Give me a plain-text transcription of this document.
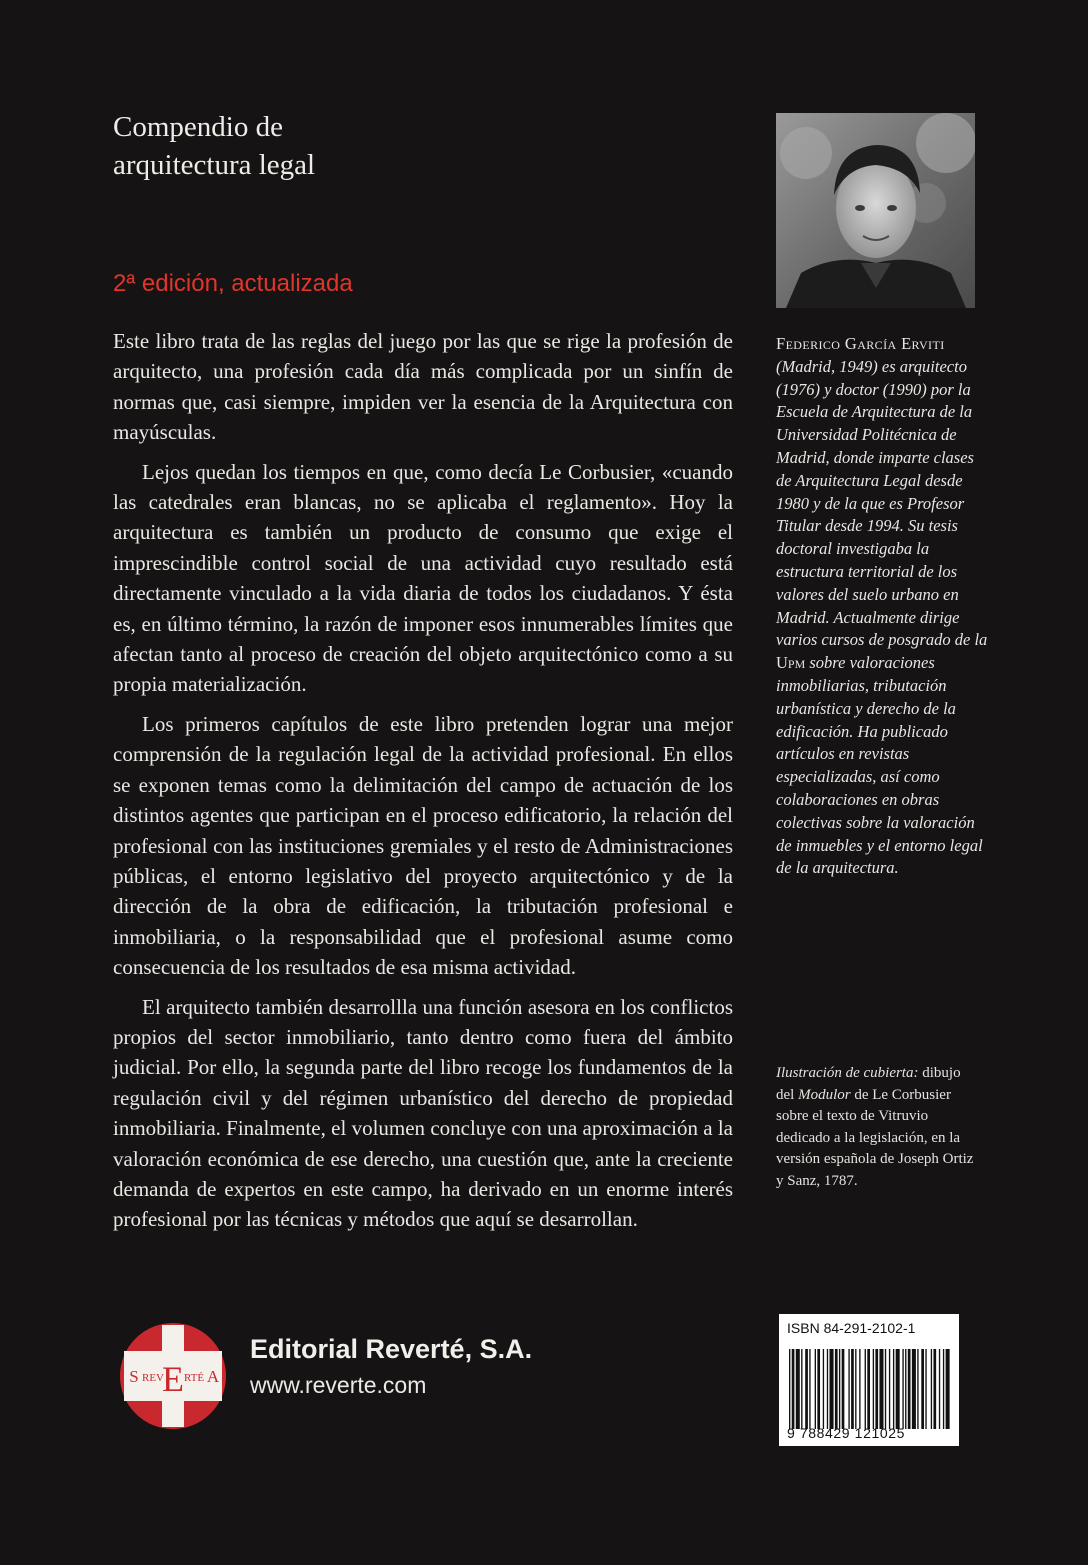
Compendio de
arquitectura legal
2ª edición, actualizada

Este libro trata de las reglas del juego por las que se rige la profesión de arquitecto, una profesión cada día más complicada por un sinfín de normas que, casi siempre, impiden ver la esencia de la Arquitectura con mayúsculas.

Lejos quedan los tiempos en que, como decía Le Corbusier, «cuando las catedrales eran blancas, no se aplicaba el reglamento». Hoy la arquitectura es también un producto de consumo que exige el imprescindible control social de una actividad cuyo resultado está directamente vinculado a la vida diaria de todos los ciudadanos. Y ésta es, en último término, la razón de imponer esos innumerables límites que afectan tanto al proceso de creación del objeto arquitectónico como a su propia materialización.

Los primeros capítulos de este libro pretenden lograr una mejor comprensión de la regulación legal de la actividad profesional. En ellos se exponen temas como la delimitación del campo de actuación de los distintos agentes que participan en el proceso edificatorio, la relación del profesional con las instituciones gremiales y el resto de Administraciones públicas, el entorno legislativo del proyecto arquitectónico y de la dirección de la obra de edificación, la tributación profesional e inmobiliaria, o la responsabilidad que el profesional asume como consecuencia de los resultados de esa misma actividad.

El arquitecto también desarrollla una función asesora en los conflictos propios del sector inmobiliario, tanto dentro como fuera del ámbito judicial. Por ello, la segunda parte del libro recoge los fundamentos de la regulación civil y del régimen urbanístico del derecho de propiedad inmobiliaria. Finalmente, el volumen concluye con una aproximación a la valoración económica de ese derecho, una cuestión que, ante la creciente demanda de expertos en este campo, ha derivado en un enorme interés profesional por las técnicas y métodos que aquí se desarrollan.

Federico García Erviti (Madrid, 1949) es arquitecto (1976) y doctor (1990) por la Escuela de Arquitectura de la Universidad Politécnica de Madrid, donde imparte clases de Arquitectura Legal desde 1980 y de la que es Profesor Titular desde 1994. Su tesis doctoral investigaba la estructura territorial de los valores del suelo urbano en Madrid. Actualmente dirige varios cursos de posgrado de la Upm sobre valoraciones inmobiliarias, tributación urbanística y derecho de la edificación. Ha publicado artículos en revistas especializadas, así como colaboraciones en obras colectivas sobre la valoración de inmuebles y el entorno legal de la arquitectura.
Ilustración de cubierta: dibujo del Modulor de Le Corbusier sobre el texto de Vitruvio dedicado a la legislación, en la versión española de Joseph Ortiz y Sanz, 1787.
S REV
E RTÉ A
Editorial Reverté, S.A.
www.reverte.com
ISBN 84-291-2102-1
9 788429 121025
